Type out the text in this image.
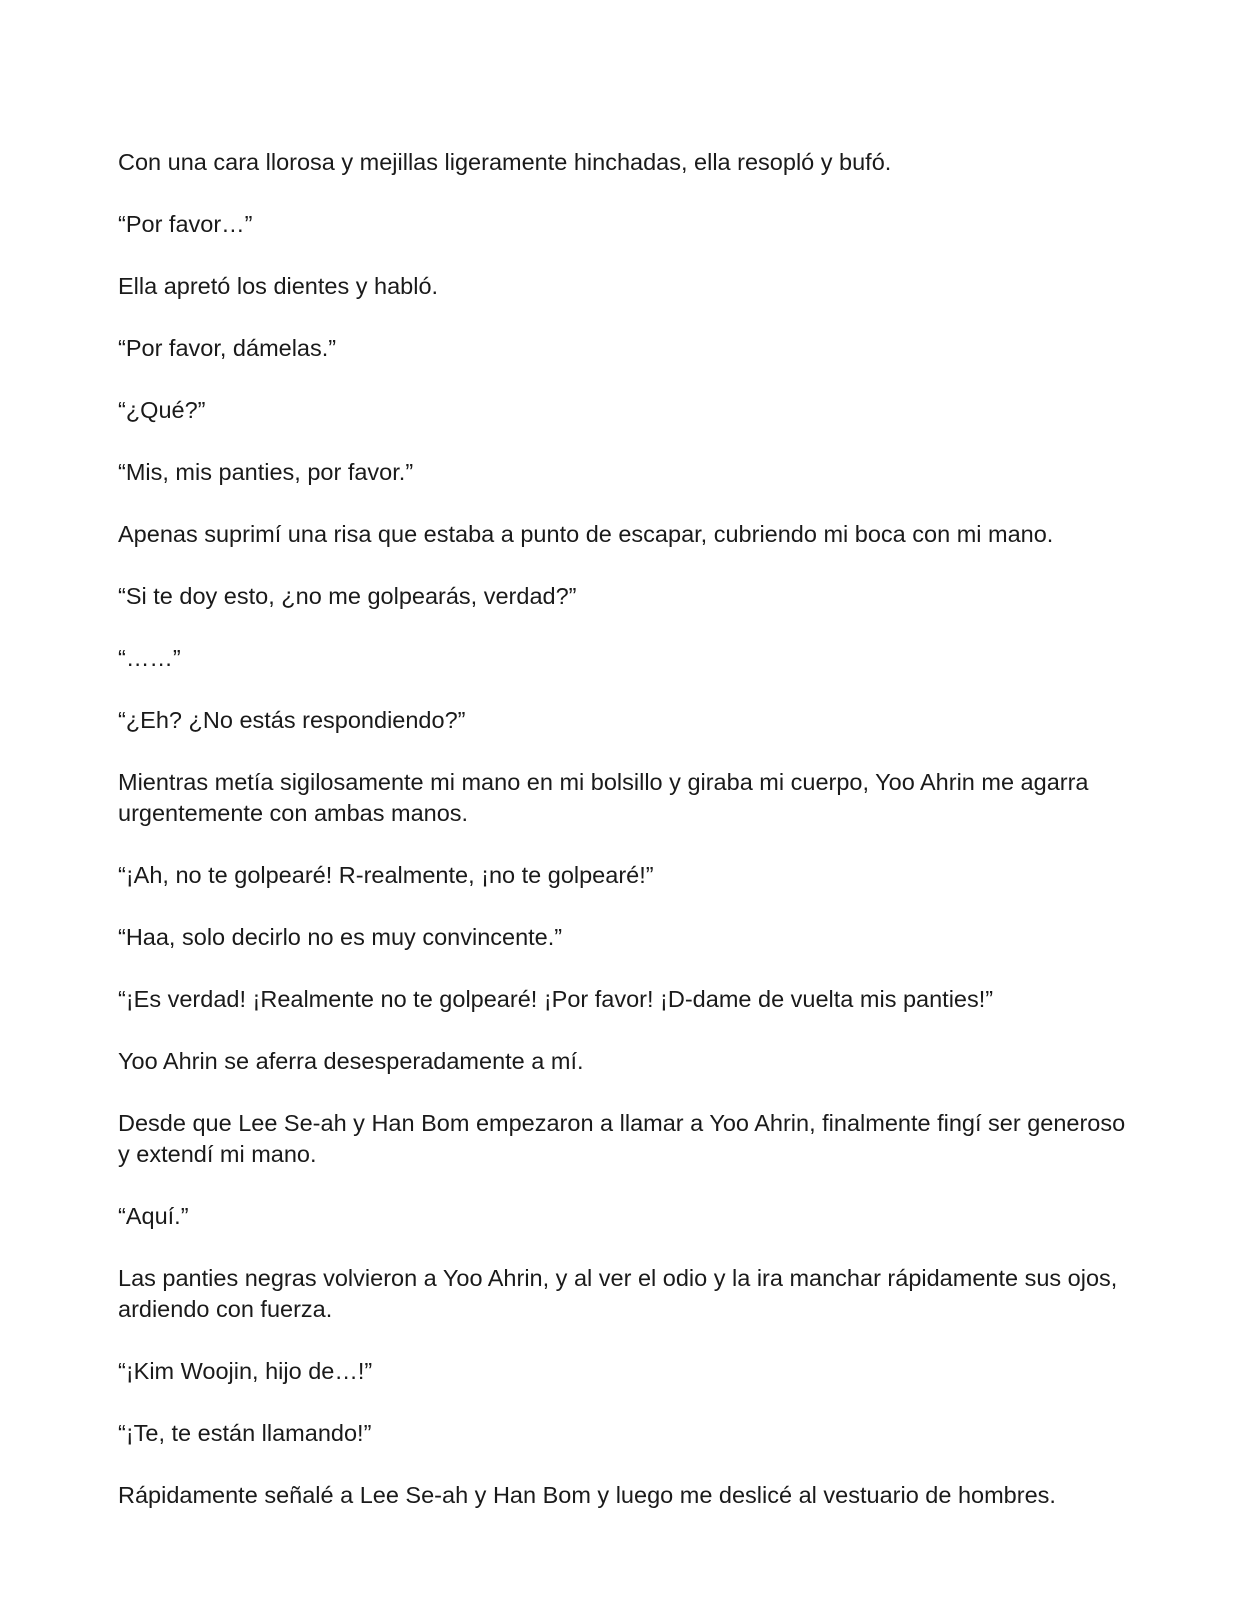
Con una cara llorosa y mejillas ligeramente hinchadas, ella resopló y bufó.

“Por favor…”

Ella apretó los dientes y habló.

“Por favor, dámelas.”

“¿Qué?”

“Mis, mis panties, por favor.”

Apenas suprimí una risa que estaba a punto de escapar, cubriendo mi boca con mi mano.

“Si te doy esto, ¿no me golpearás, verdad?”

“……”

“¿Eh? ¿No estás respondiendo?”

Mientras metía sigilosamente mi mano en mi bolsillo y giraba mi cuerpo, Yoo Ahrin me agarra urgentemente con ambas manos.

“¡Ah, no te golpearé! R-realmente, ¡no te golpearé!”

“Haa, solo decirlo no es muy convincente.”

“¡Es verdad! ¡Realmente no te golpearé! ¡Por favor! ¡D-dame de vuelta mis panties!”

Yoo Ahrin se aferra desesperadamente a mí.

Desde que Lee Se-ah y Han Bom empezaron a llamar a Yoo Ahrin, finalmente fingí ser generoso y extendí mi mano.

“Aquí.”

Las panties negras volvieron a Yoo Ahrin, y al ver el odio y la ira manchar rápidamente sus ojos, ardiendo con fuerza.

“¡Kim Woojin, hijo de…!”

“¡Te, te están llamando!”

Rápidamente señalé a Lee Se-ah y Han Bom y luego me deslicé al vestuario de hombres.
